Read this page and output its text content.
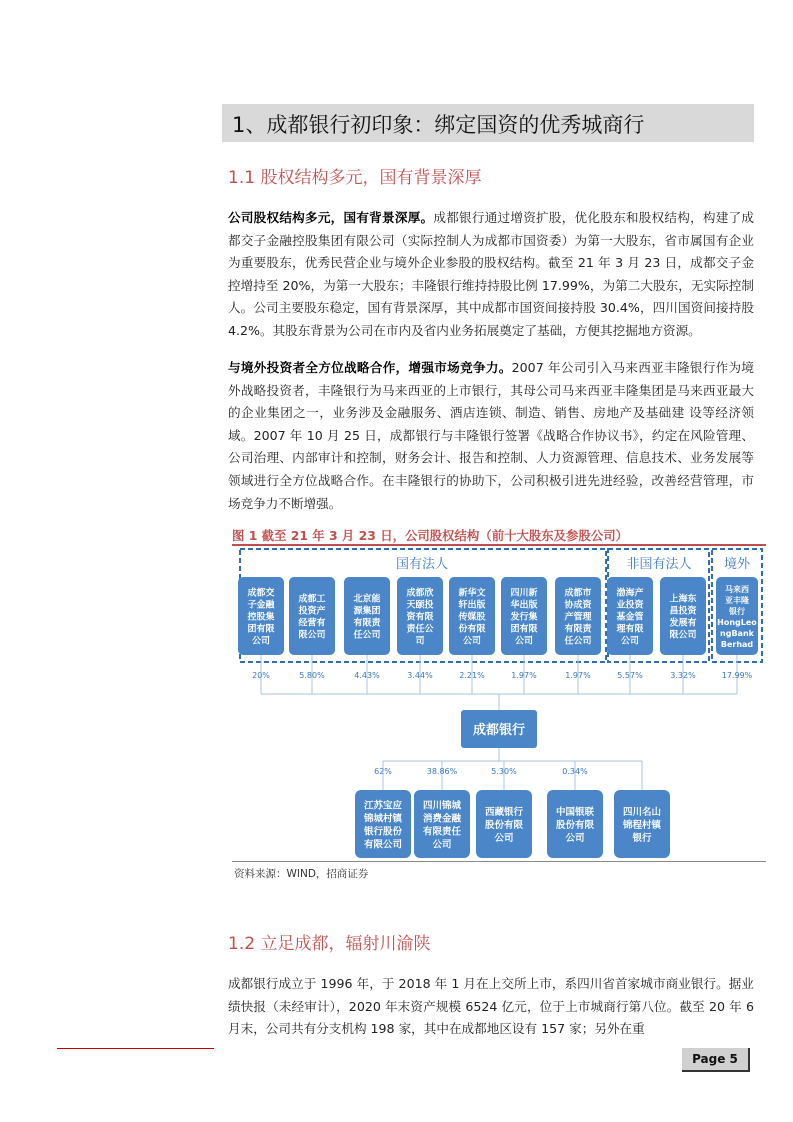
1、成都银行初印象：绑定国资的优秀城商行
1.1 股权结构多元，国有背景深厚

公司股权结构多元，国有背景深厚。成都银行通过增资扩股，优化股东和股权结构，构建了成都交子金融控股集团有限公司（实际控制人为成都市国资委）为第一大股东，省市属国有企业为重要股东，优秀民营企业与境外企业参股的股权结构。截至 21 年 3 月 23 日，成都交子金控增持至 20%，为第一大股东；丰隆银行维持持股比例 17.99%，为第二大股东，无实际控制人。公司主要股东稳定，国有背景深厚，其中成都市国资间接持股 30.4%，四川国资间接持股 4.2%。其股东背景为公司在市内及省内业务拓展奠定了基础，方便其挖掘地方资源。

与境外投资者全方位战略合作，增强市场竞争力。2007 年公司引入马来西亚丰隆银行作为境外战略投资者，丰隆银行为马来西亚的上市银行，其母公司马来西亚丰隆集团是马来西亚最大的企业集团之一，业务涉及金融服务、酒店连锁、制造、销售、房地产及基础建 设等经济领域。2007 年 10 月 25 日，成都银行与丰隆银行签署《战略合作协议书》，约定在风险管理、公司治理、内部审计和控制，财务会计、报告和控制、人力资源管理、信息技术、业务发展等领域进行全方位战略合作。在丰隆银行的协助下，公司积极引进先进经验，改善经营管理，市场竞争力不断增强。

图 1 截至 21 年 3 月 23 日，公司股权结构（前十大股东及参股公司）
国有法人	非国有法人 境外
成都交
子金融
控股集
团有限
公司
20%
成都工
投资产
经营有
限公司
5.80%
北京能
源集团
有限责
任公司
4.43%
成都欣
天颐投
资有限
责任公
司
3.44%
新华文
轩出版
传媒股
份有限
公司
2.21%
四川新
华出版
发行集
团有限
公司
1.97%
成都市
协成资
产管理
有限责
任公司
1.97%
渤海产
业投资
基金管
理有限
公司
5.57%
上海东
昌投资
发展有
限公司
3.32%
马来西
亚丰隆
银行
HongLeo
ngBank
Berhad
17.99%
成都银行
62%
江苏宝应
锦城村镇
银行股份
有限公司
38.86%
四川锦城
消费金融
有限责任
公司
5.30%
西藏银行
股份有限
公司
0.34%
中国银联
股份有限
公司
四川名山
锦程村镇
银行
资料来源：WIND，招商证券
1.2 立足成都，辐射川渝陕

成都银行成立于 1996 年，于 2018 年 1 月在上交所上市，系四川省首家城市商业银行。据业绩快报（未经审计），2020 年末资产规模 6524 亿元，位于上市城商行第八位。截至 20 年 6 月末，公司共有分支机构 198 家，其中在成都地区设有 157 家；另外在重

Page 5
